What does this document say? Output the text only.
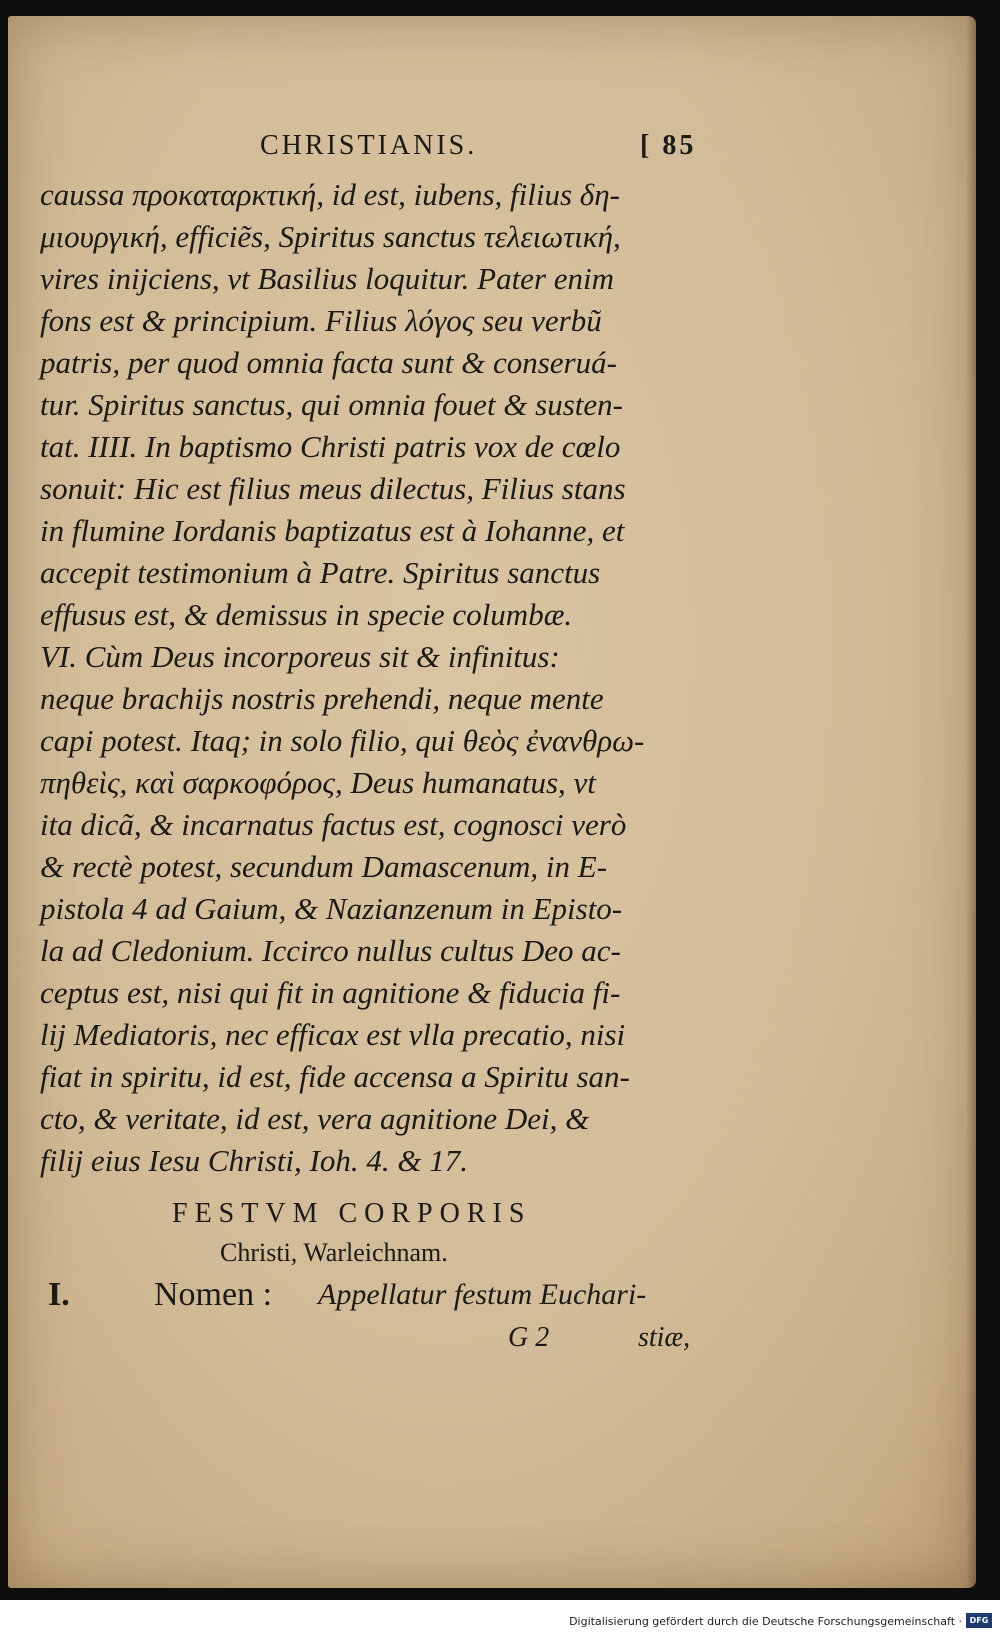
CHRISTIANIS.	[ 85
caussa προκαταρκτική, id est, iubens, filius δη-
μιουργική, efficiẽs, Spiritus sanctus τελειωτική,
vires inijciens, vt Basilius loquitur. Pater enim
fons est & principium. Filius λόγος seu verbũ
patris, per quod omnia facta sunt & conseruá-
tur. Spiritus sanctus, qui omnia fouet & susten-
tat. IIII. In baptismo Christi patris vox de cœlo
sonuit: Hic est filius meus dilectus, Filius stans
in flumine Iordanis baptizatus est à Iohanne, et
accepit testimonium à Patre. Spiritus sanctus
effusus est, & demissus in specie columbæ.
VI. Cùm Deus incorporeus sit & infinitus:
neque brachijs nostris prehendi, neque mente
capi potest. Itaq; in solo filio, qui θεὸς ἐνανθρω-
πηθεὶς, καὶ σαρκοφόρος, Deus humanatus, vt
ita dicã, & incarnatus factus est, cognosci verò
& rectè potest, secundum Damascenum, in E-
pistola 4 ad Gaium, & Nazianzenum in Episto-
la ad Cledonium. Iccirco nullus cultus Deo ac-
ceptus est, nisi qui fit in agnitione & fiducia fi-
lij Mediatoris, nec efficax est vlla precatio, nisi
fiat in spiritu, id est, fide accensa a Spiritu san-
cto, & veritate, id est, vera agnitione Dei, &
filij eius Iesu Christi, Ioh. 4. & 17.
FESTVM CORPORIS
Christi, Warleichnam.
I. Nomen : Appellatur festum Euchari-
G 2	stiæ,
Digitalisierung gefördert durch die Deutsche Forschungsgemeinschaft · DFG
